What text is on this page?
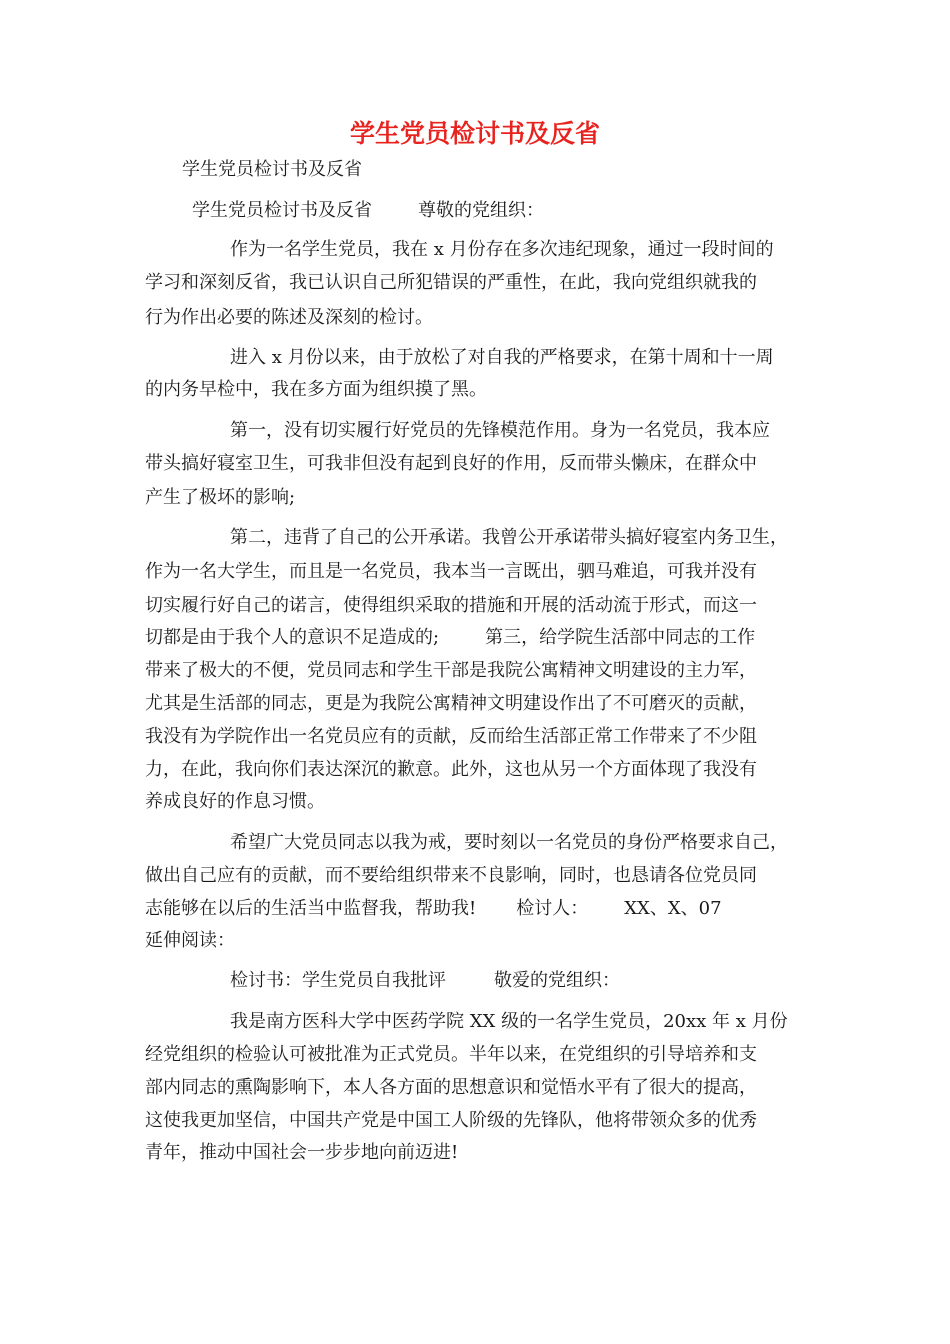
学生党员检讨书及反省
学生党员检讨书及反省
学生党员检讨书及反省	尊敬的党组织：
作为一名学生党员，我在 x 月份存在多次违纪现象，通过一段时间的
学习和深刻反省，我已认识自己所犯错误的严重性，在此，我向党组织就我的
行为作出必要的陈述及深刻的检讨。
进入 x 月份以来，由于放松了对自我的严格要求，在第十周和十一周
的内务早检中，我在多方面为组织摸了黑。
第一，没有切实履行好党员的先锋模范作用。身为一名党员，我本应
带头搞好寝室卫生，可我非但没有起到良好的作用，反而带头懒床，在群众中
产生了极坏的影响;
第二，违背了自己的公开承诺。我曾公开承诺带头搞好寝室内务卫生，
作为一名大学生，而且是一名党员，我本当一言既出，驷马难追，可我并没有
切实履行好自己的诺言，使得组织采取的措施和开展的活动流于形式，而这一
切都是由于我个人的意识不足造成的;	第三，给学院生活部中同志的工作
带来了极大的不便，党员同志和学生干部是我院公寓精神文明建设的主力军，
尤其是生活部的同志，更是为我院公寓精神文明建设作出了不可磨灭的贡献，
我没有为学院作出一名党员应有的贡献，反而给生活部正常工作带来了不少阻
力，在此，我向你们表达深沉的歉意。此外，这也从另一个方面体现了我没有
养成良好的作息习惯。
希望广大党员同志以我为戒，要时刻以一名党员的身份严格要求自己，
做出自己应有的贡献，而不要给组织带来不良影响，同时，也恳请各位党员同
志能够在以后的生活当中监督我，帮助我! 检讨人： XX、X、07
延伸阅读：
检讨书：学生党员自我批评	敬爱的党组织：
我是南方医科大学中医药学院 XX 级的一名学生党员，20xx 年 x 月份
经党组织的检验认可被批准为正式党员。半年以来，在党组织的引导培养和支
部内同志的熏陶影响下，本人各方面的思想意识和觉悟水平有了很大的提高，
这使我更加坚信，中国共产党是中国工人阶级的先锋队，他将带领众多的优秀
青年，推动中国社会一步步地向前迈进!
